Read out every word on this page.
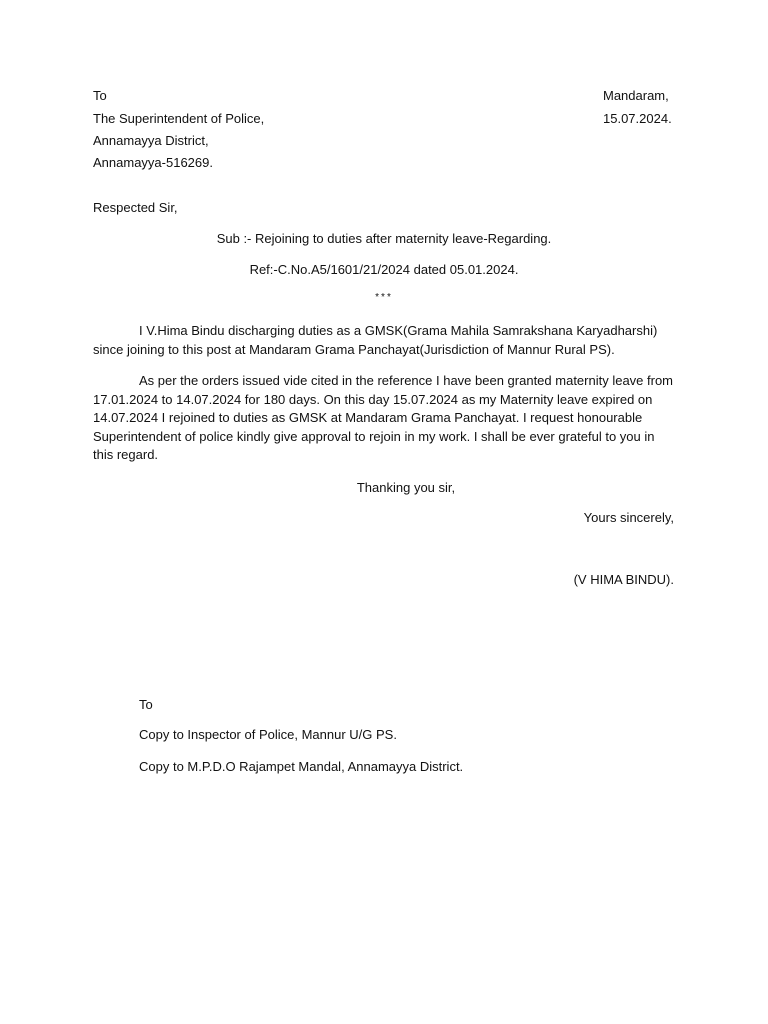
To	Mandaram,
The Superintendent of Police,	15.07.2024.
Annamayya District,
Annamayya-516269.
Respected Sir,
Sub :- Rejoining to duties after maternity leave-Regarding.
Ref:-C.No.A5/1601/21/2024 dated 05.01.2024.
***
I V.Hima Bindu discharging duties as a GMSK(Grama Mahila Samrakshana Karyadharshi) since joining to this post at Mandaram Grama Panchayat(Jurisdiction of Mannur Rural PS).
As per the orders issued vide cited in the reference I have been granted maternity leave from 17.01.2024 to 14.07.2024 for 180 days. On this day 15.07.2024 as my Maternity leave expired on 14.07.2024 I rejoined to duties as GMSK at Mandaram Grama Panchayat. I request honourable Superintendent of police kindly give approval to rejoin in my work. I shall be ever grateful to you in this regard.
Thanking you sir,
Yours sincerely,
(V HIMA BINDU).
To
Copy to Inspector of Police, Mannur U/G PS.
Copy to M.P.D.O Rajampet Mandal, Annamayya District.
